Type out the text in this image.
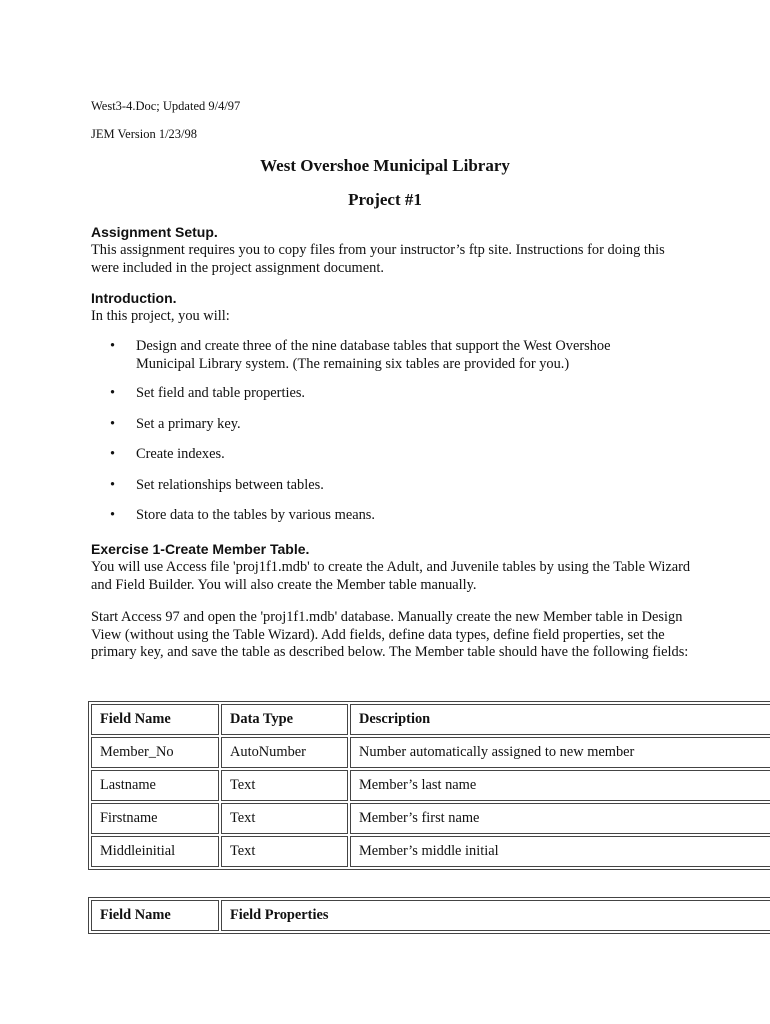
West3-4.Doc; Updated 9/4/97
JEM Version 1/23/98
West Overshoe Municipal Library
Project #1
Assignment Setup.
This assignment requires you to copy files from your instructor’s ftp site. Instructions for doing this were included in the project assignment document.
Introduction.
In this project, you will:
• Design and create three of the nine database tables that support the West Overshoe Municipal Library system. (The remaining six tables are provided for you.)
• Set field and table properties.
• Set a primary key.
• Create indexes.
• Set relationships between tables.
• Store data to the tables by various means.
Exercise 1-Create Member Table.
You will use Access file 'proj1f1.mdb' to create the Adult, and Juvenile tables by using the Table Wizard and Field Builder. You will also create the Member table manually.
Start Access 97 and open the 'proj1f1.mdb' database. Manually create the new Member table in Design View (without using the Table Wizard). Add fields, define data types, define field properties, set the primary key, and save the table as described below. The Member table should have the following fields:
Field Name	Data Type	Description
Member_No	AutoNumber	Number automatically assigned to new member
Lastname	Text	Member’s last name
Firstname	Text	Member’s first name
Middleinitial	Text	Member’s middle initial
Field Name	Field Properties
